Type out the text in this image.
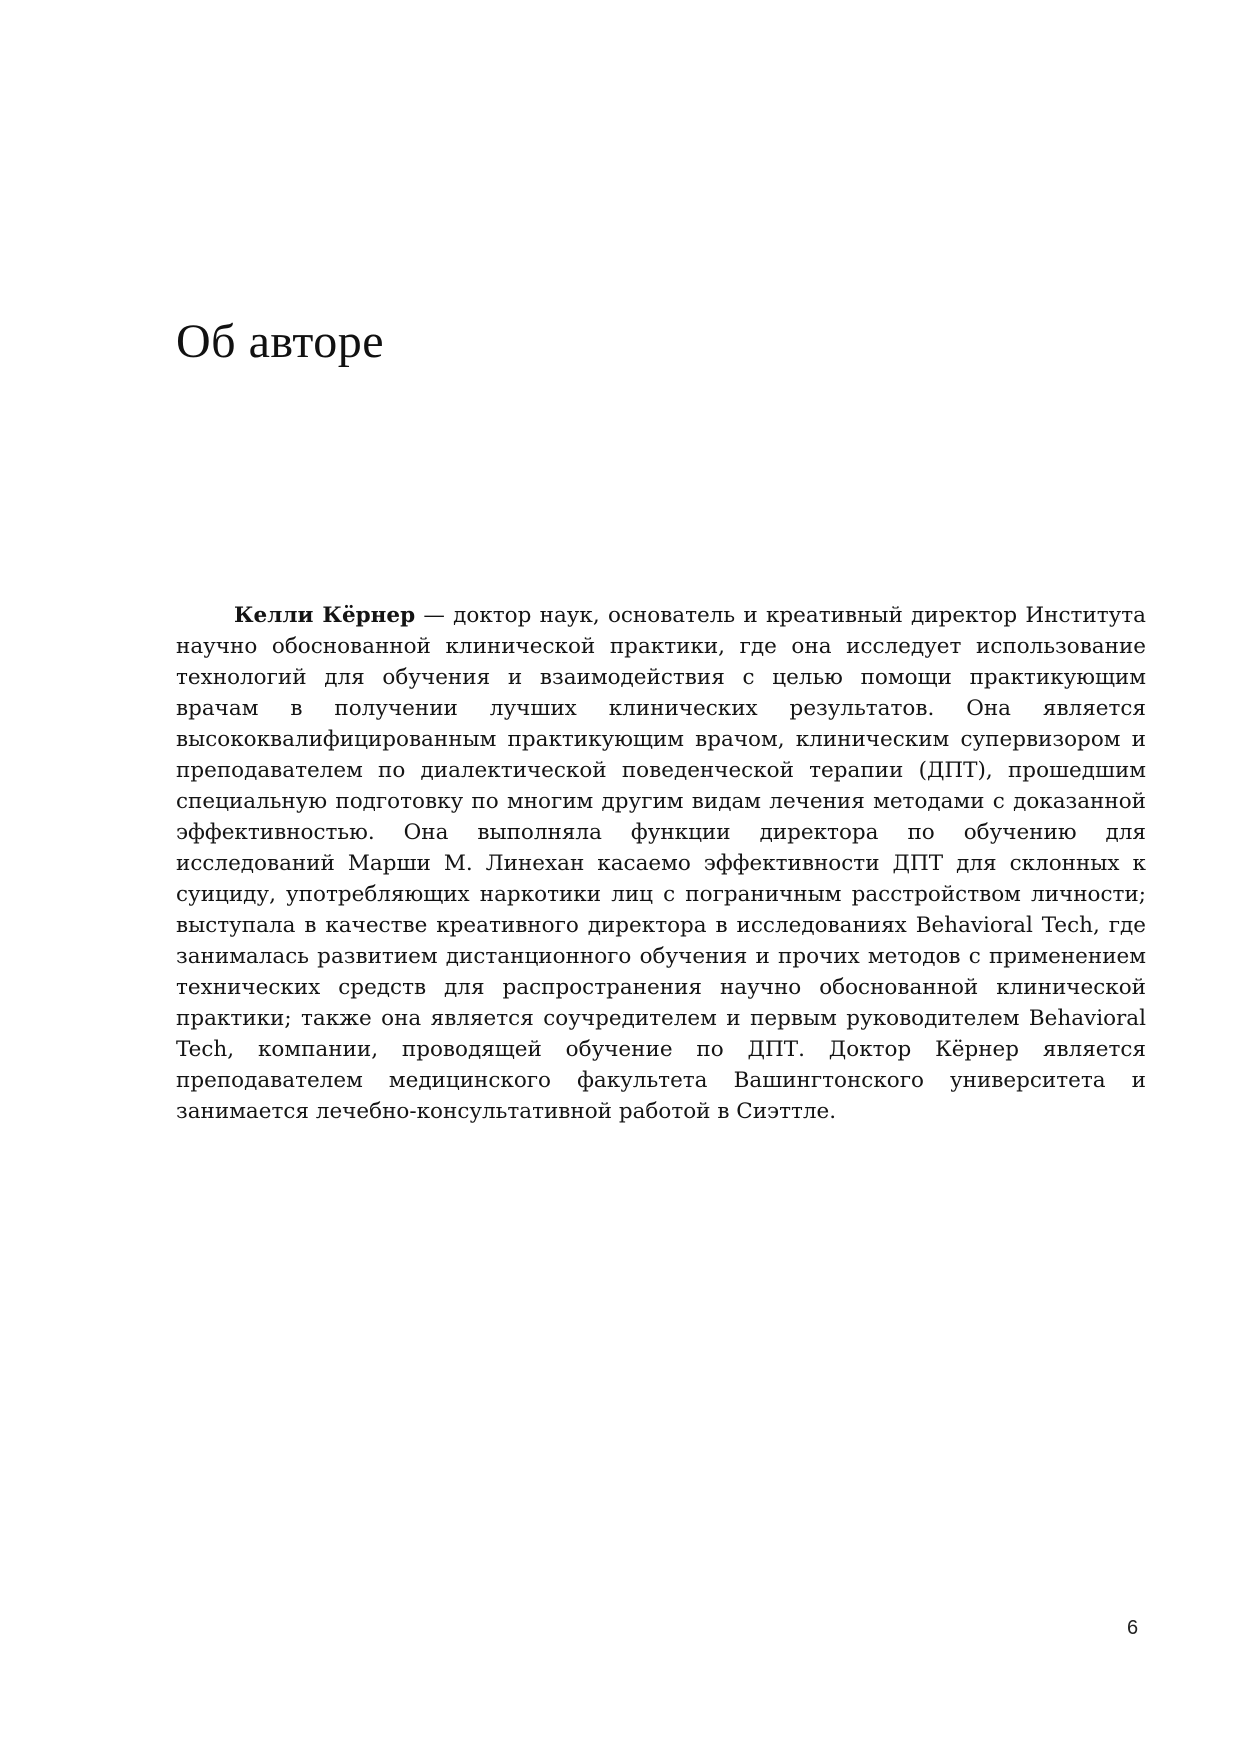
Об авторе

Келли Кёрнер — доктор наук, основатель и креативный директор Института научно обоснованной клинической практики, где она исследует использование технологий для обучения и взаимодействия с целью помощи практикующим врачам в получении лучших клинических результатов. Она является высококвалифицированным практикующим врачом, клиническим супервизором и преподавателем по диалектической поведенческой терапии (ДПТ), прошедшим специальную подготовку по многим другим видам лечения методами с доказанной эффективностью. Она выполняла функции директора по обучению для исследований Марши М. Линехан касаемо эффективности ДПТ для склонных к суициду, употребляющих наркотики лиц с пограничным расстройством личности; выступала в качестве креативного директора в исследованиях Behavioral Tech, где занималась развитием дистанционного обучения и прочих методов с применением технических средств для распространения научно обоснованной клинической практики; также она является соучредителем и первым руководителем Behavioral Tech, компании, проводящей обучение по ДПТ. Доктор Кёрнер является преподавателем медицинского факультета Вашингтонского университета и занимается лечебно-консультативной работой в Сиэттле.

6
